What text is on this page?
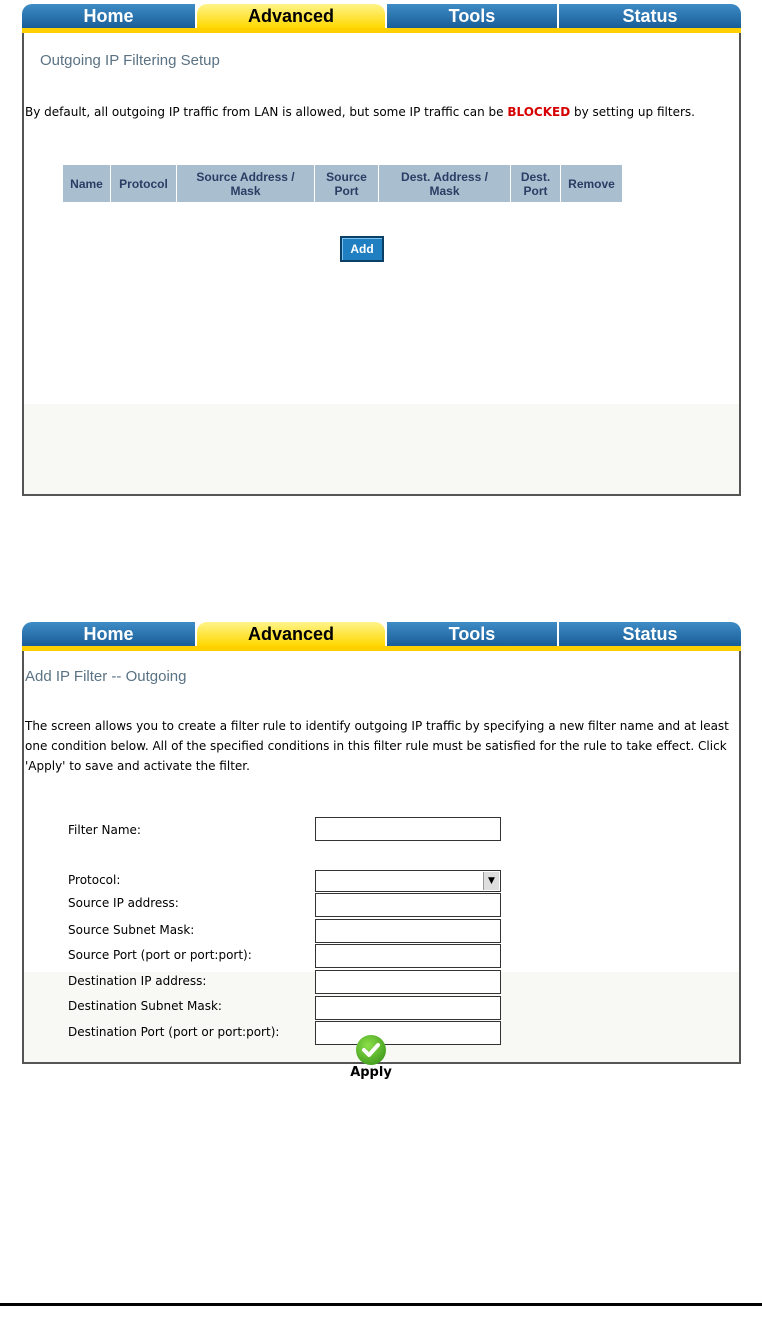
Home	Advanced	Tools	Status
Outgoing IP Filtering Setup
By default, all outgoing IP traffic from LAN is allowed, but some IP traffic can be BLOCKED by setting up filters.
Name	Protocol	Source Address / Mask	Source Port	Dest. Address / Mask	Dest. Port	Remove
Add
Home	Advanced	Tools	Status
Add IP Filter -- Outgoing
The screen allows you to create a filter rule to identify outgoing IP traffic by specifying a new filter name and at least one condition below. All of the specified conditions in this filter rule must be satisfied for the rule to take effect. Click 'Apply' to save and activate the filter.
Filter Name:
Protocol:	▼
Source IP address:
Source Subnet Mask:
Source Port (port or port:port):
Destination IP address:
Destination Subnet Mask:
Destination Port (port or port:port):
Apply
